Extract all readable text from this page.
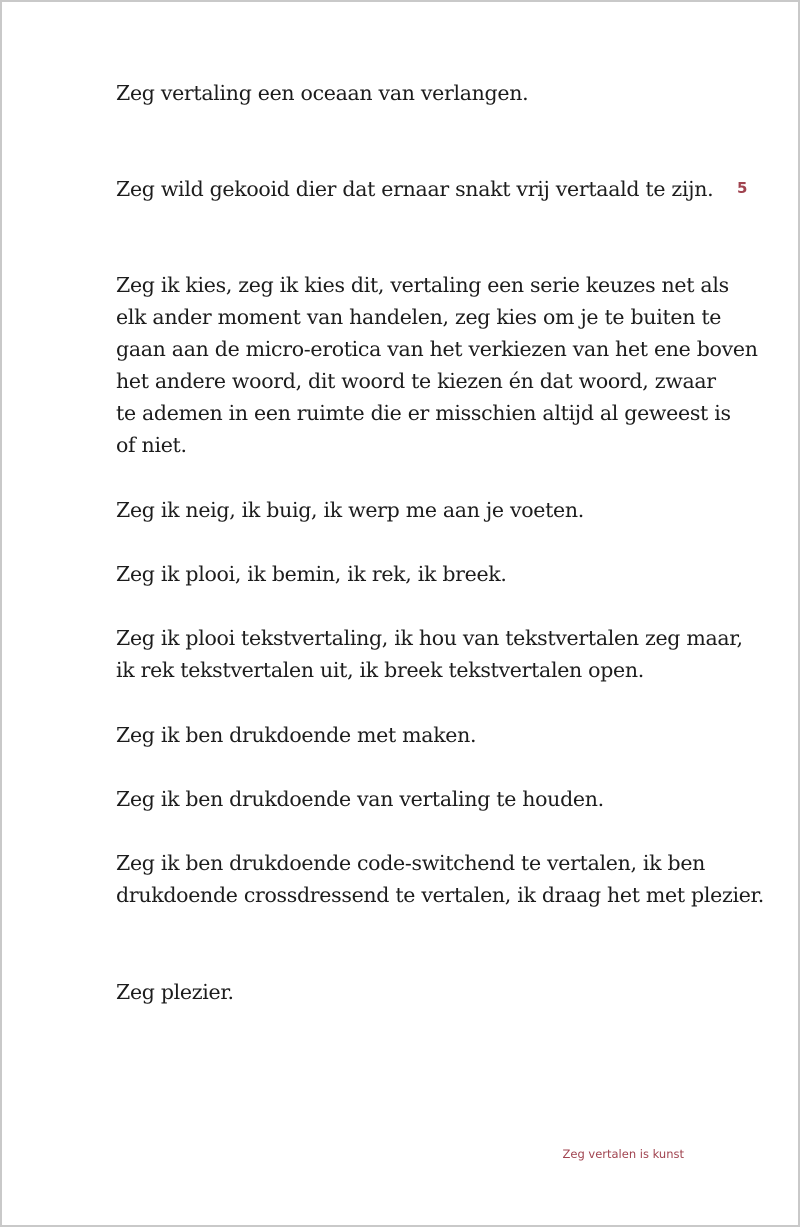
5

Zeg vertaling een oceaan van verlangen.

Zeg wild gekooid dier dat ernaar snakt vrij vertaald te zijn.

Zeg ik kies, zeg ik kies dit, vertaling een serie keuzes net als
elk ander moment van handelen, zeg kies om je te buiten te
gaan aan de micro-erotica van het verkiezen van het ene boven
het andere woord, dit woord te kiezen én dat woord, zwaar
te ademen in een ruimte die er misschien altijd al geweest is
of niet.

Zeg ik neig, ik buig, ik werp me aan je voeten.

Zeg ik plooi, ik bemin, ik rek, ik breek.

Zeg ik plooi tekstvertaling, ik hou van tekstvertalen zeg maar,
ik rek tekstvertalen uit, ik breek tekstvertalen open.

Zeg ik ben drukdoende met maken.

Zeg ik ben drukdoende van vertaling te houden.

Zeg ik ben drukdoende code-switchend te vertalen, ik ben
drukdoende crossdressend te vertalen, ik draag het met plezier.

Zeg plezier.

Zeg vertalen is kunst
